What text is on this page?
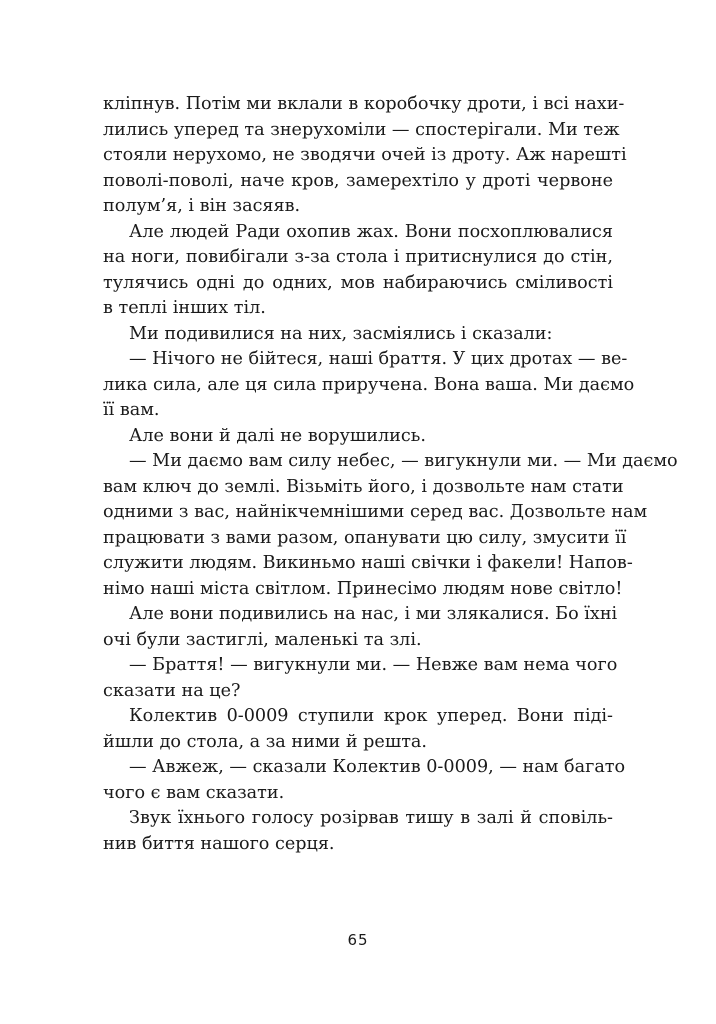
кліпнув. Потім ми вклали в коробочку дроти, і всі нахи-
лились уперед та знерухоміли — спостерігали. Ми теж
стояли нерухомо, не зводячи очей із дроту. Аж нарешті
поволі-поволі, наче кров, замерехтіло у дроті червоне
полум’я, і він засяяв.
Але людей Ради охопив жах. Вони посхоплювалися
на ноги, повибігали з-за стола і притиснулися до стін,
тулячись одні до одних, мов набираючись сміливості
в теплі інших тіл.
Ми подивилися на них, засміялись і сказали:
— Нічого не бійтеся, наші браття. У цих дротах — ве-
лика сила, але ця сила приручена. Вона ваша. Ми даємо
її вам.
Але вони й далі не ворушились.
— Ми даємо вам силу небес, — вигукнули ми. — Ми даємо
вам ключ до землі. Візьміть його, і дозвольте нам стати
одними з вас, найнікчемнішими серед вас. Дозвольте нам
працювати з вами разом, опанувати цю силу, змусити її
служити людям. Викиньмо наші свічки і факели! Напов-
німо наші міста світлом. Принесімо людям нове світло!
Але вони подивились на нас, і ми злякалися. Бо їхні
очі були застиглі, маленькі та злі.
— Браття! — вигукнули ми. — Невже вам нема чого
сказати на це?
Колектив 0-0009 ступили крок уперед. Вони піді-
йшли до стола, а за ними й решта.
— Авжеж, — сказали Колектив 0-0009, — нам багато
чого є вам сказати.
Звук їхнього голосу розірвав тишу в залі й сповіль-
нив биття нашого серця.
65
